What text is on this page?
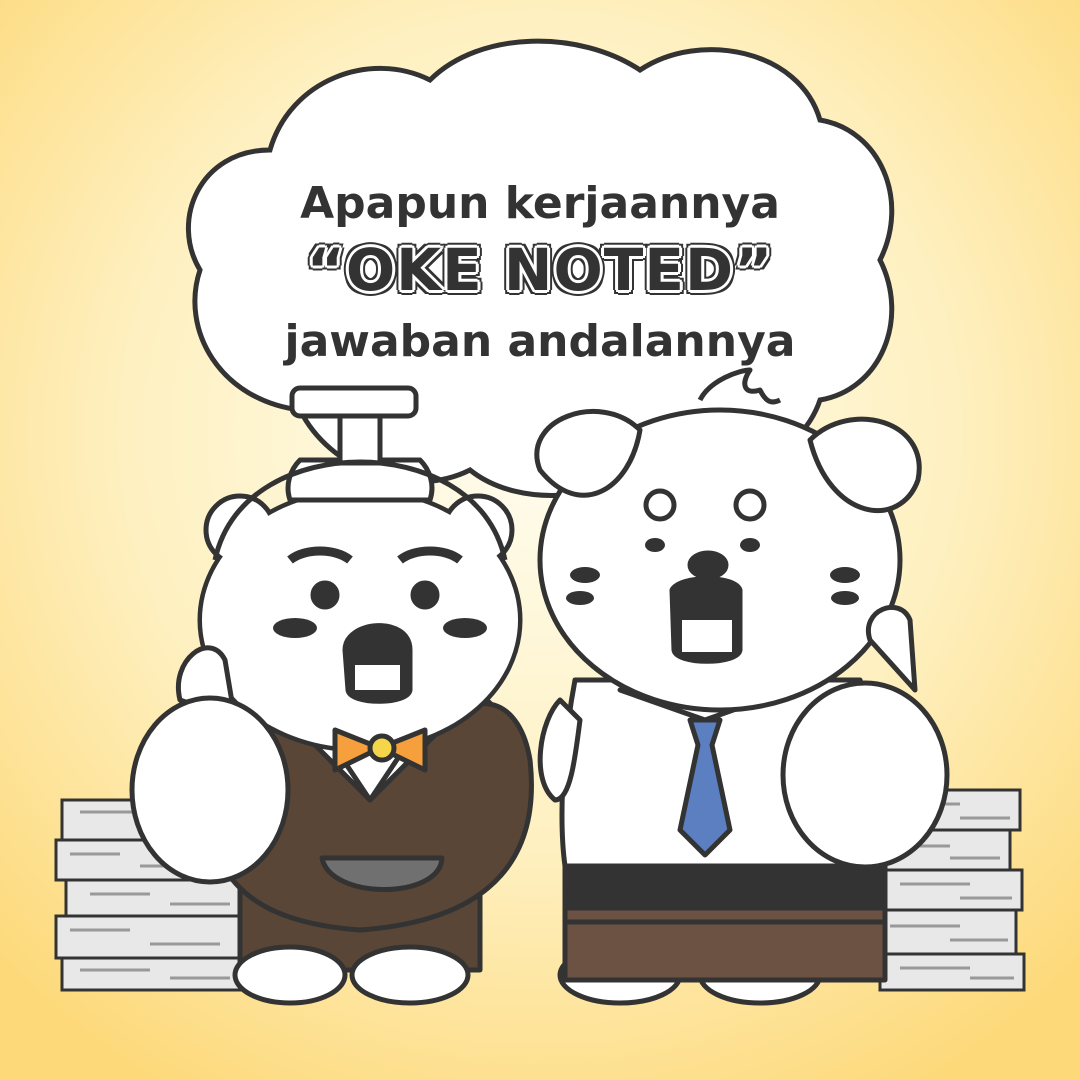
Apapun kerjaannya
“OKE NOTED”
jawaban andalannya
